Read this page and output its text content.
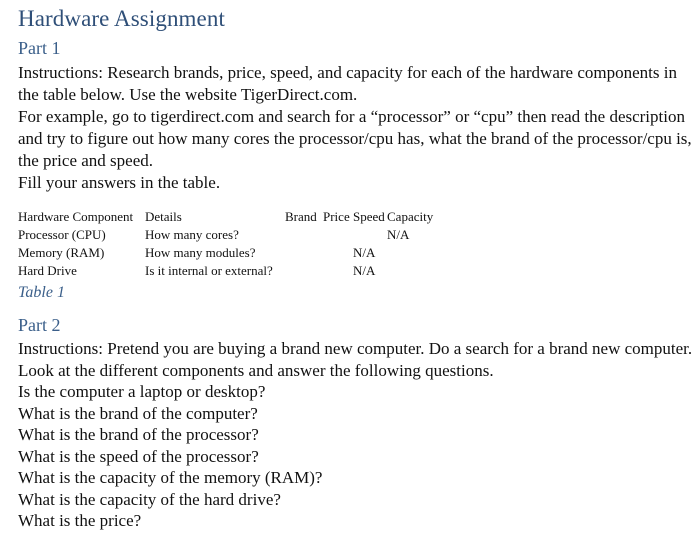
Hardware Assignment
Part 1

Instructions: Research brands, price, speed, and capacity for each of the hardware components in the table below. Use the website TigerDirect.com.

For example, go to tigerdirect.com and search for a “processor” or “cpu” then read the description and try to figure out how many cores the processor/cpu has, what the brand of the processor/cpu is, the price and speed.

Fill your answers in the table.

Hardware Component	Details	Brand	Price	Speed	Capacity
Processor (CPU)	How many cores?				N/A
Memory (RAM)	How many modules?			N/A	
Hard Drive	Is it internal or external?			N/A	
Table 1
Part 2

Instructions: Pretend you are buying a brand new computer. Do a search for a brand new computer. Look at the different components and answer the following questions.

Is the computer a laptop or desktop?

What is the brand of the computer?

What is the brand of the processor?

What is the speed of the processor?

What is the capacity of the memory (RAM)?

What is the capacity of the hard drive?

What is the price?
